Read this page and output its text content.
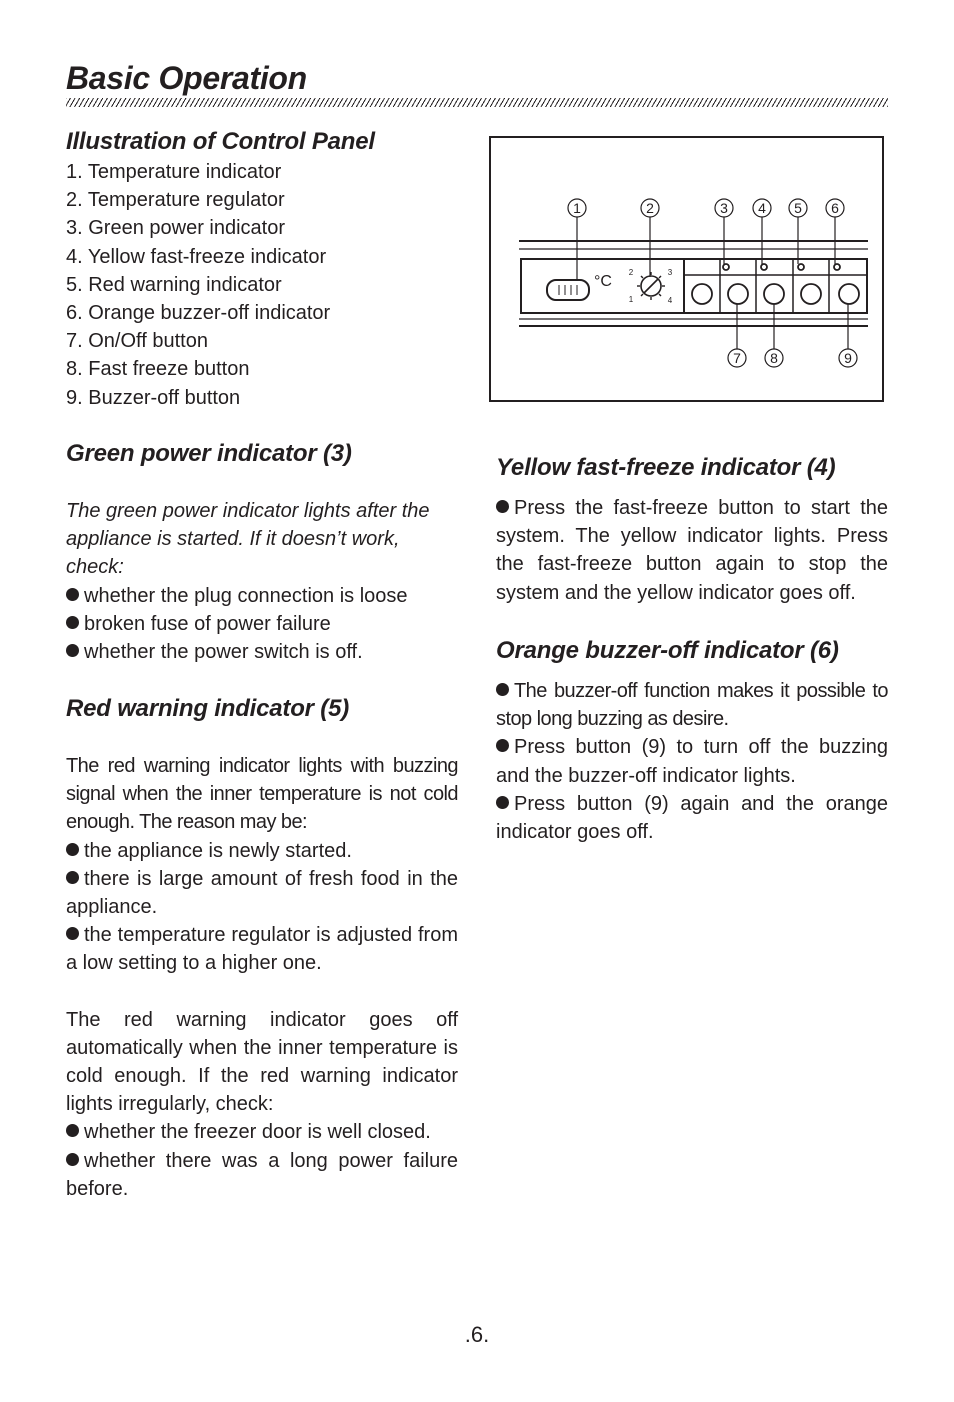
Basic Operation
Illustration of Control Panel
1. Temperature indicator
2. Temperature regulator
3. Green power indicator
4. Yellow fast-freeze indicator
5. Red warning indicator
6. Orange buzzer-off indicator
7. On/Off button
8. Fast freeze button
9. Buzzer-off button
1	2	3 4 5 6
7 8	9
°C
1
2	3
4
Green power indicator (3)

The green power indicator lights after the appliance is started. If it doesn’t work, check:

whether the plug connection is loose
broken fuse of power failure
whether the power switch is off.
Red warning indicator (5)

The red warning indicator lights with buzzing signal when the inner temperature is not cold enough. The reason may be:

the appliance is newly started.
there is large amount of fresh food in the appliance.
the temperature regulator is adjusted from a low setting to a higher one.

The red warning indicator goes off automatically when the inner temperature is cold enough. If the red warning indicator lights irregularly, check:

whether the freezer door is well closed.
whether there was a long power failure before.
Yellow fast-freeze indicator (4)
Press the fast-freeze button to start the system. The yellow indicator lights. Press the fast-freeze button again to stop the system and the yellow indicator goes off.
Orange buzzer-off indicator (6)
The buzzer-off function makes it possible to stop long buzzing as desire.
Press button (9) to turn off the buzzing and the buzzer-off indicator lights.
Press button (9) again and the orange indicator goes off.
.6.
